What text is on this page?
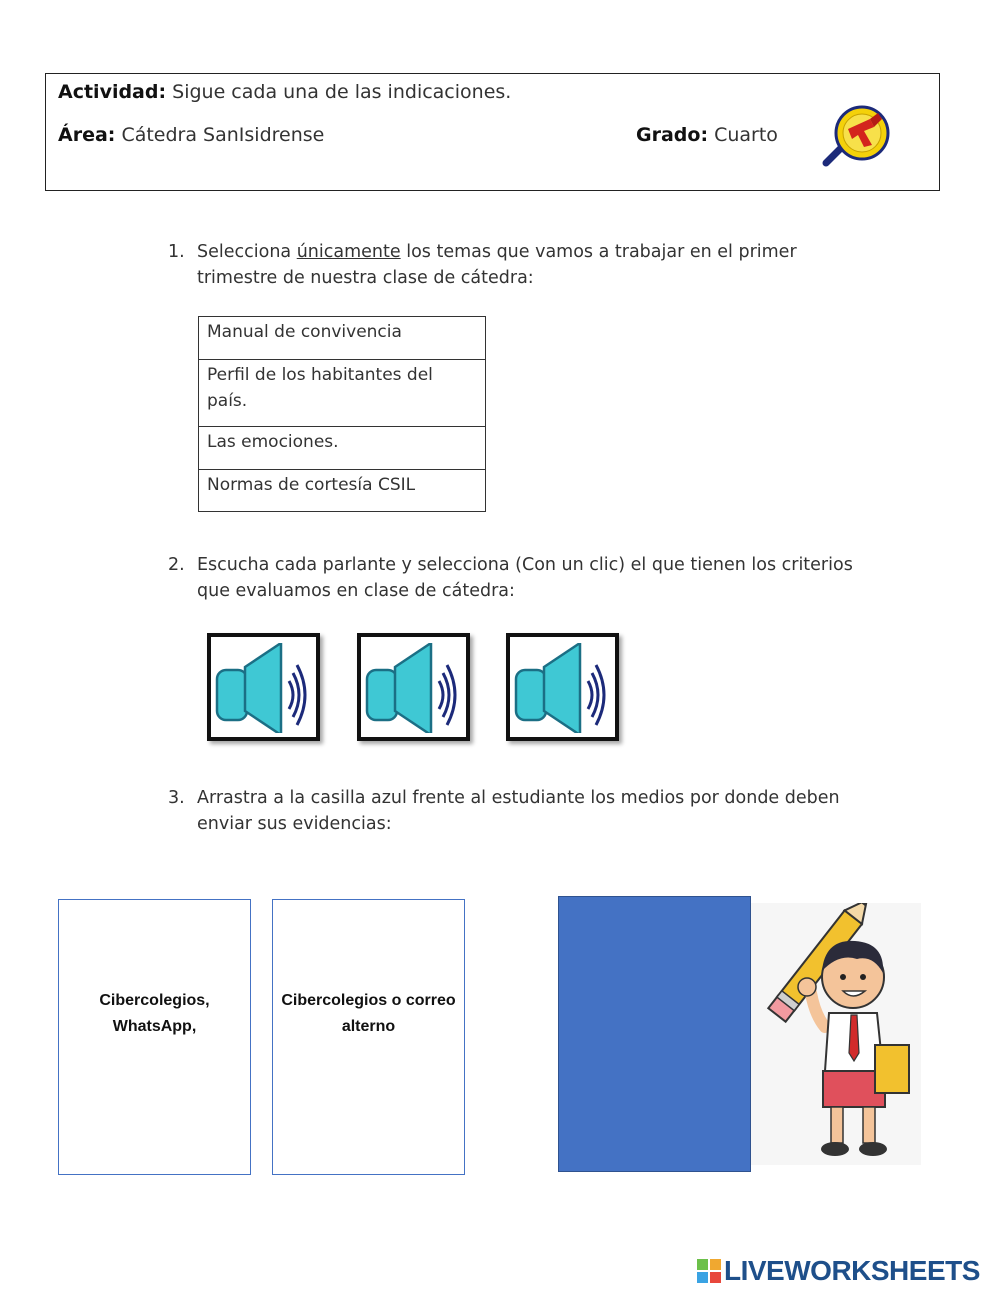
Actividad: Sigue cada una de las indicaciones.
Área: Cátedra SanIsidrense	Grado: Cuarto
1. Selecciona únicamente los temas que vamos a trabajar en el primer trimestre de nuestra clase de cátedra:
Manual de convivencia
Perfil de los habitantes del país.
Las emociones.
Normas de cortesía CSIL
2. Escucha cada parlante y selecciona (Con un clic) el que tienen los criterios que evaluamos en clase de cátedra:
3. Arrastra a la casilla azul frente al estudiante los medios por donde deben enviar sus evidencias:
Cibercolegios, WhatsApp,
Cibercolegios o correo alterno
LIVEWORKSHEETS
